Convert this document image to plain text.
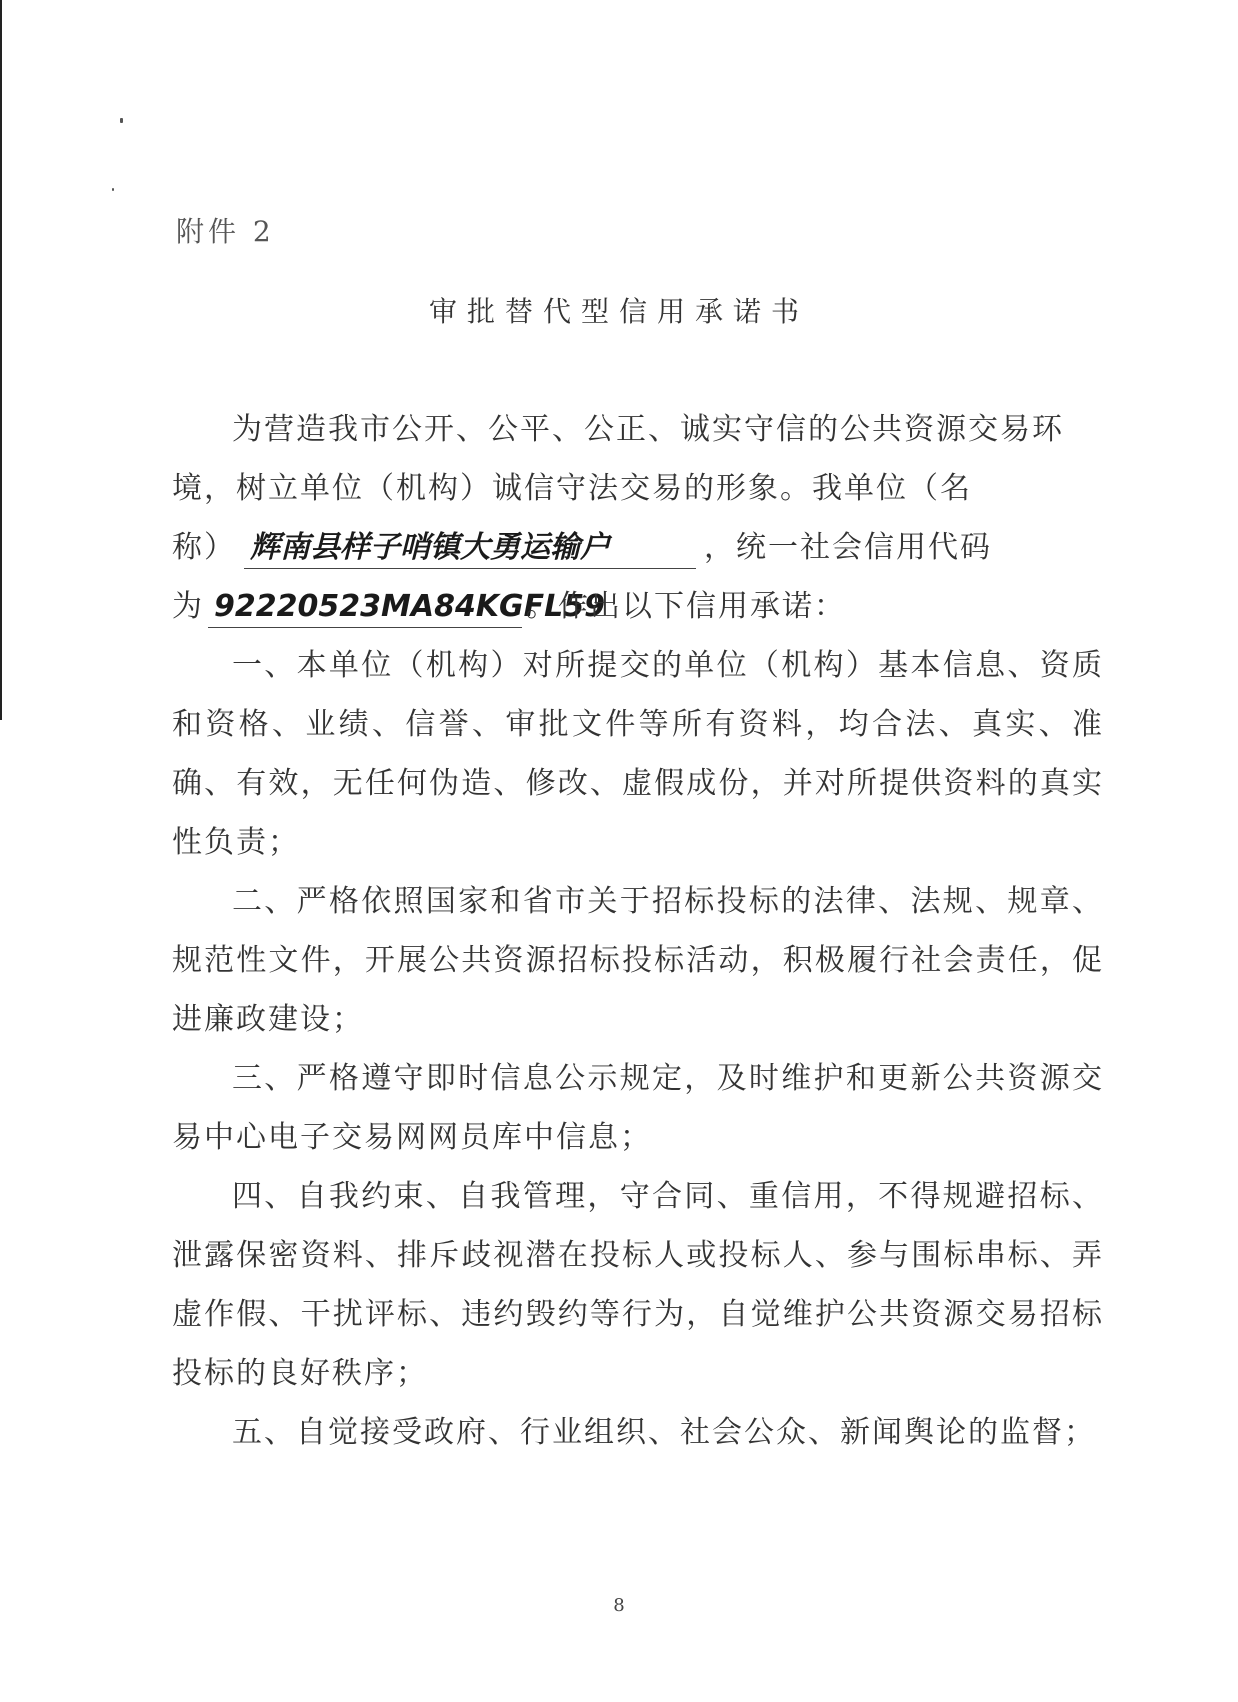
附件 2
审批替代型信用承诺书

为营造我市公开、公平、公正、诚实守信的公共资源交易环

境，树立单位（机构）诚信守法交易的形象。我单位（名

称） 辉南县样子哨镇大勇运输户	，统一社会信用代码
为 92220523MA84KGFL59
。作出以下信用承诺：

一、本单位（机构）对所提交的单位（机构）基本信息、资质和资格、业绩、信誉、审批文件等所有资料，均合法、真实、准确、有效，无任何伪造、修改、虚假成份，并对所提供资料的真实性负责；

二、严格依照国家和省市关于招标投标的法律、法规、规章、规范性文件，开展公共资源招标投标活动，积极履行社会责任，促进廉政建设；

三、严格遵守即时信息公示规定，及时维护和更新公共资源交易中心电子交易网网员库中信息；

四、自我约束、自我管理，守合同、重信用，不得规避招标、泄露保密资料、排斥歧视潜在投标人或投标人、参与围标串标、弄虚作假、干扰评标、违约毁约等行为，自觉维护公共资源交易招标投标的良好秩序；

五、自觉接受政府、行业组织、社会公众、新闻舆论的监督；

8
